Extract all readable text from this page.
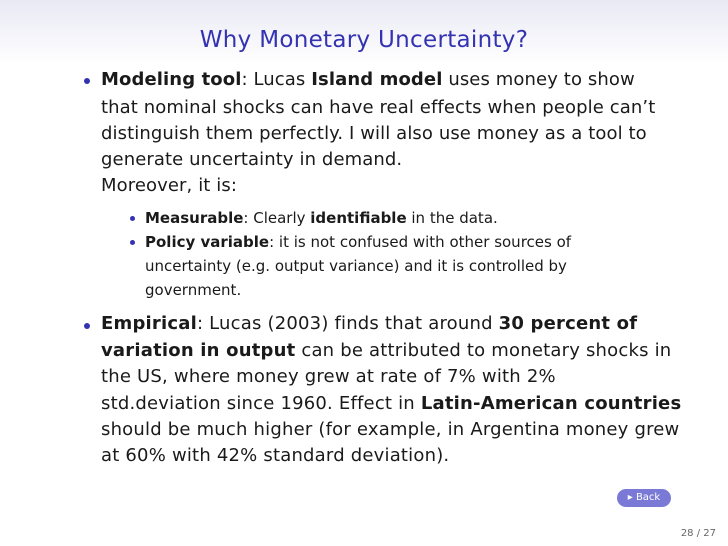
Why Monetary Uncertainty?
Modeling tool: Lucas Island model uses money to show
that nominal shocks can have real effects when people can’t
distinguish them perfectly. I will also use money as a tool to
generate uncertainty in demand.
Moreover, it is:
Measurable: Clearly identifiable in the data.
Policy variable: it is not confused with other sources of
uncertainty (e.g. output variance) and it is controlled by
government.
Empirical: Lucas (2003) finds that around 30 percent of
variation in output can be attributed to monetary shocks in
the US, where money grew at rate of 7% with 2%
std.deviation since 1960. Effect in Latin-American countries
should be much higher (for example, in Argentina money grew
at 60% with 42% standard deviation).
▸ Back
28 / 27
